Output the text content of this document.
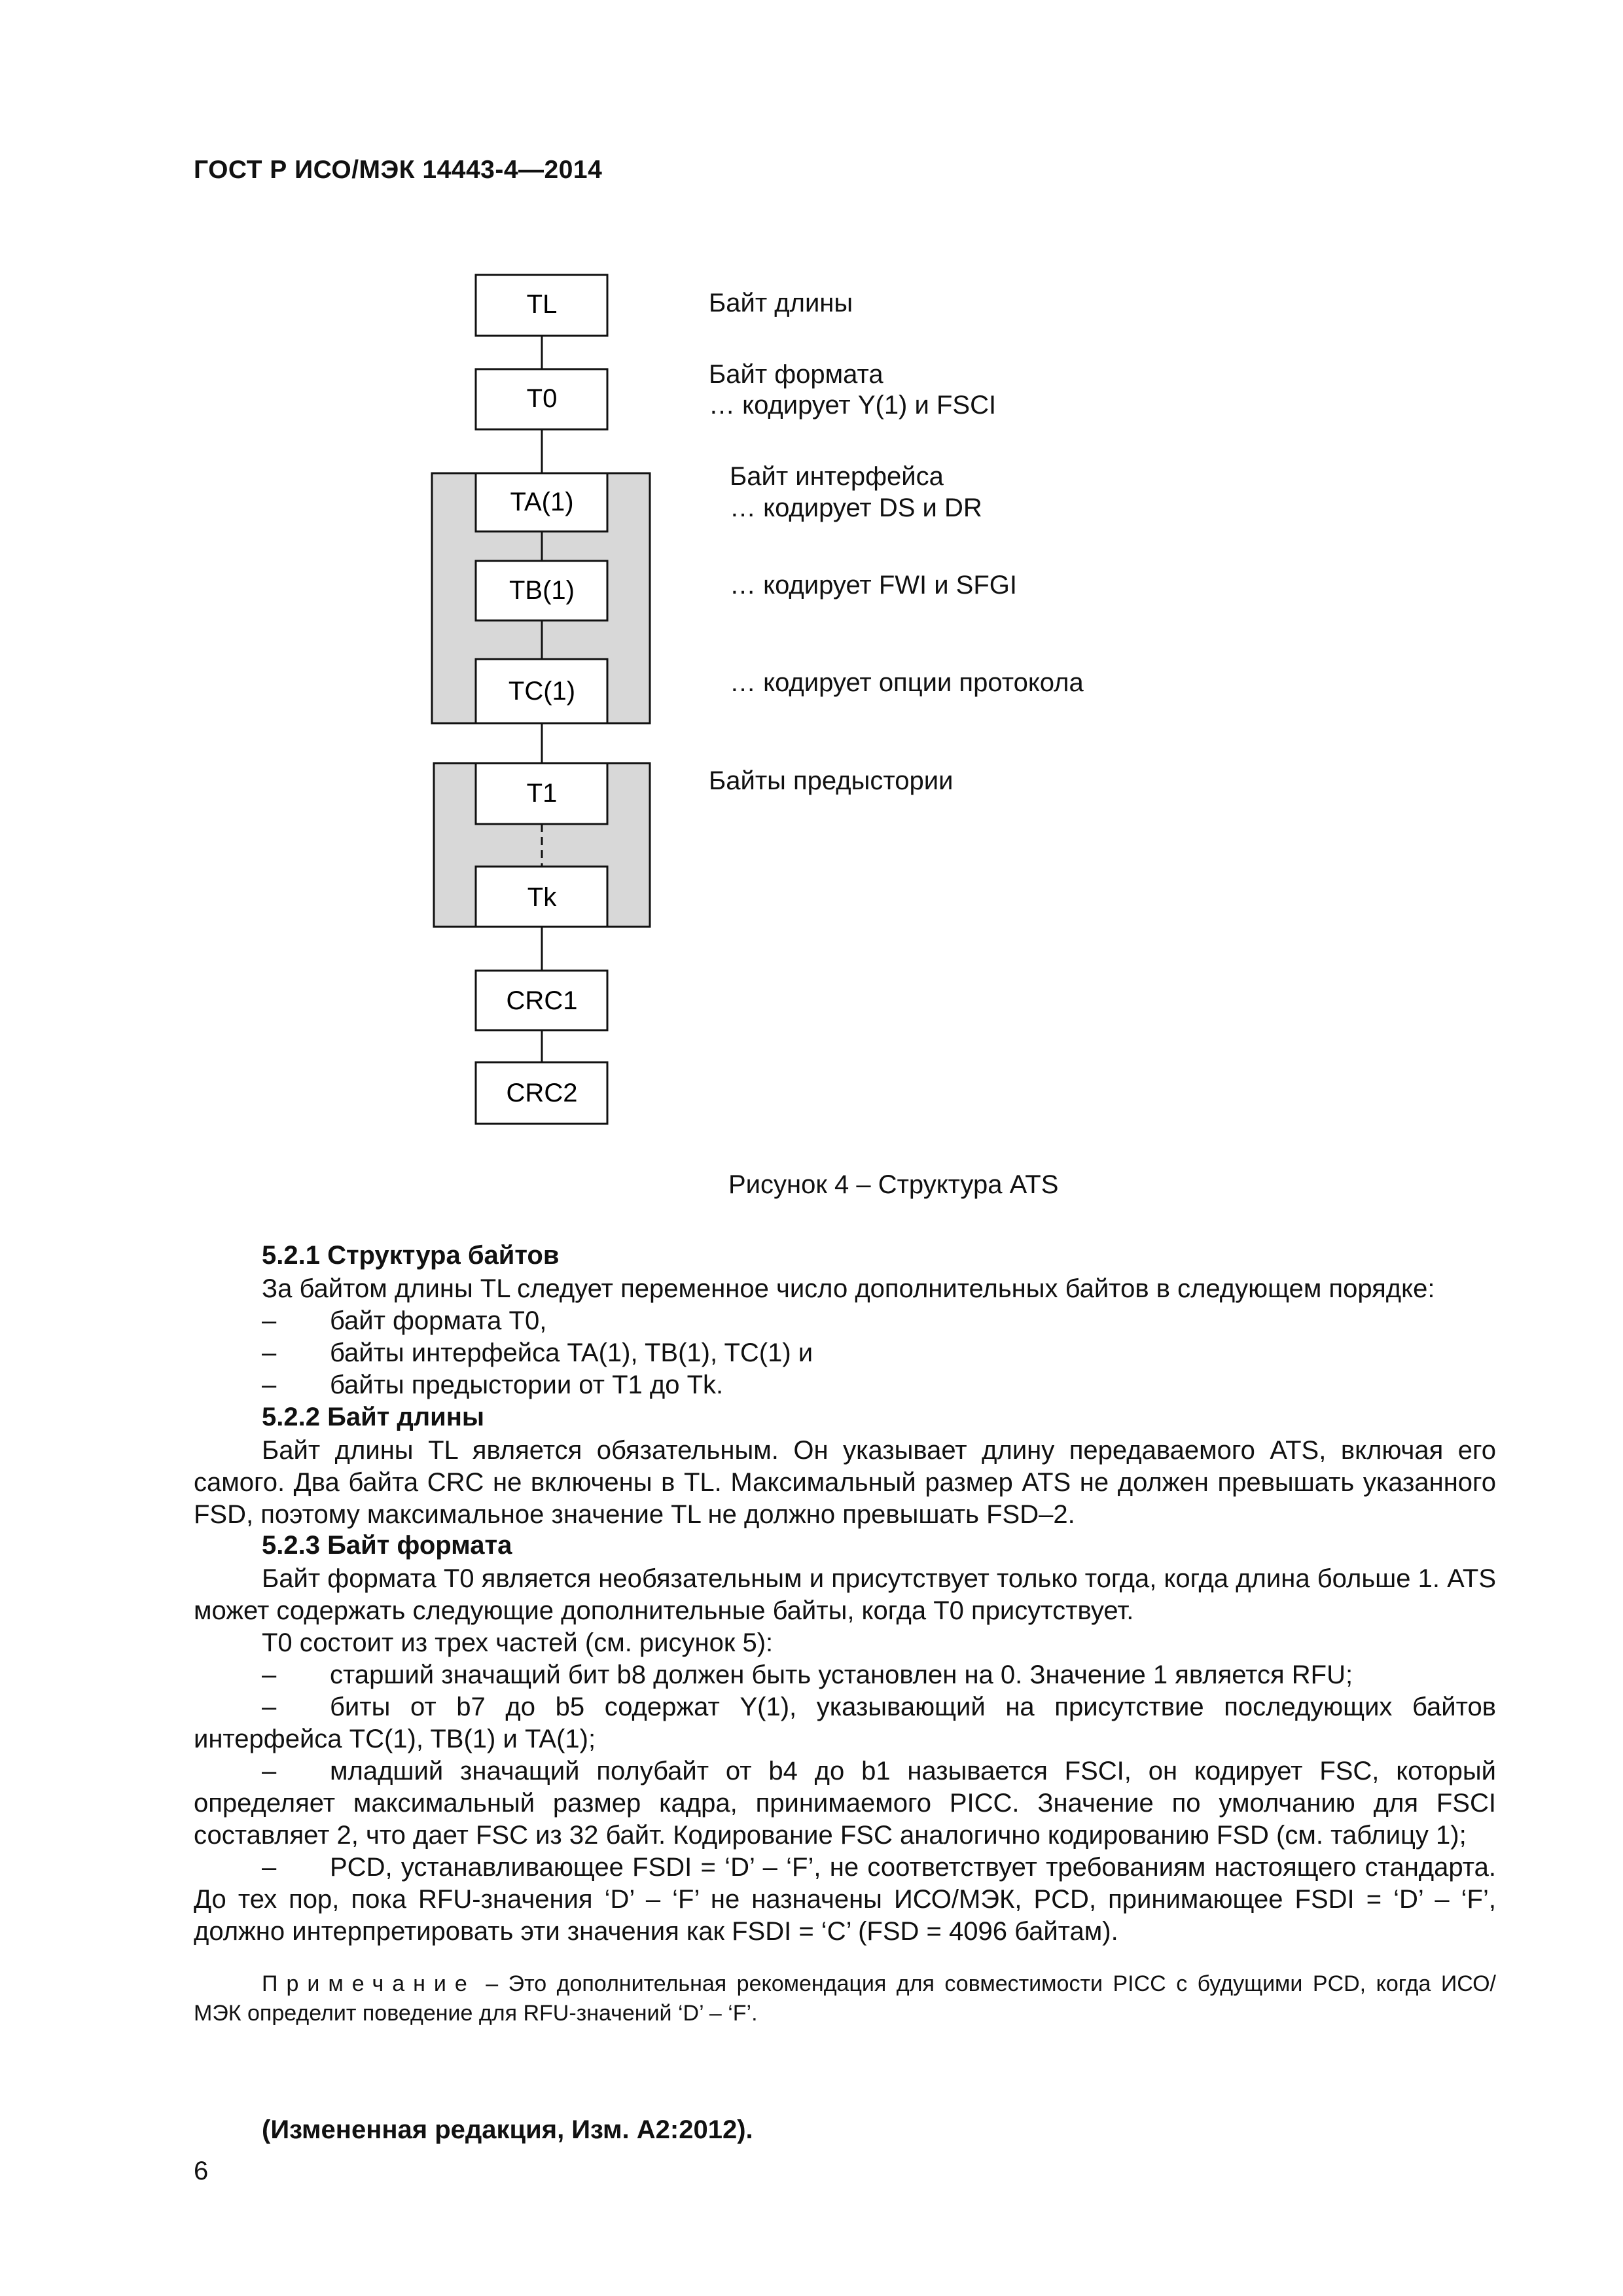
ГОСТ Р ИСО/МЭК 14443-4—2014
TL
T0
TA(1)
TB(1)
TC(1)
T1
Tk
CRC1
CRC2
Байт длины
Байт формата
… кодирует Y(1) и FSCI
Байт интерфейса
… кодирует DS и DR
… кодирует FWI и SFGI
… кодирует опции протокола
Байты предыстории
Рисунок 4 – Структура ATS
5.2.1 Структура байтов
За байтом длины TL следует переменное число дополнительных байтов в следующем порядке:
– байт формата T0,
– байты интерфейса TA(1), TB(1), TC(1) и
– байты предыстории от T1 до Tk.
5.2.2 Байт длины
Байт длины TL является обязательным. Он указывает длину передаваемого ATS, включая его самого. Два байта CRC не включены в TL. Максимальный размер ATS не должен превышать указанного FSD, поэтому максимальное значение TL не должно превышать FSD–2.
5.2.3 Байт формата
Байт формата T0 является необязательным и присутствует только тогда, когда длина больше 1. ATS может содержать следующие дополнительные байты, когда T0 присутствует.
T0 состоит из трех частей (см. рисунок 5):
– старший значащий бит b8 должен быть установлен на 0. Значение 1 является RFU;
– биты от b7 до b5 содержат Y(1), указывающий на присутствие последующих байтов интерфейса TC(1), TB(1) и TA(1);
– младший значащий полубайт от b4 до b1 называется FSCI, он кодирует FSC, который определяет максимальный размер кадра, принимаемого PICC. Значение по умолчанию для FSCI составляет 2, что дает FSC из 32 байт. Кодирование FSC аналогично кодированию FSD (см. таблицу 1);
– PCD, устанавливающее FSDI = ‘D’ – ‘F’, не соответствует требованиям настоящего стандарта. До тех пор, пока RFU-значения ‘D’ – ‘F’ не назначены ИСО/МЭК, PCD, принимающее FSDI = ‘D’ – ‘F’, должно интерпретировать эти значения как FSDI = ‘C’ (FSD = 4096 байтам).
Примечание – Это дополнительная рекомендация для совместимости PICC с будущими PCD, когда ИСО/МЭК определит поведение для RFU-значений ‘D’ – ‘F’.
(Измененная редакция, Изм. A2:2012).
6
